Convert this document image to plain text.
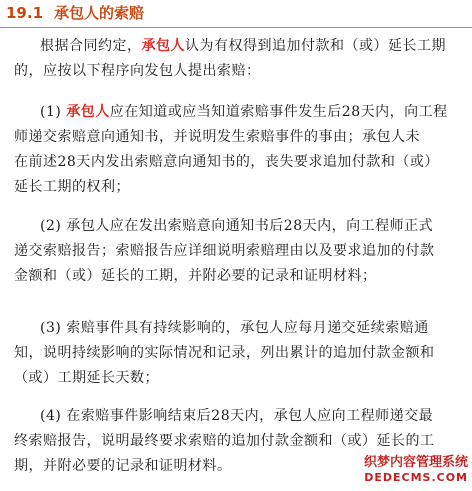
19.1 承包人的索赔
根据合同约定，承包人认为有权得到追加付款和（或）延长工期
的，应按以下程序向发包人提出索赔：
(1) 承包人应在知道或应当知道索赔事件发生后28天内，向工程
师递交索赔意向通知书，并说明发生索赔事件的事由；承包人未
在前述28天内发出索赔意向通知书的，丧失要求追加付款和（或）
延长工期的权利；
(2) 承包人应在发出索赔意向通知书后28天内，向工程师正式
递交索赔报告；索赔报告应详细说明索赔理由以及要求追加的付款
金额和（或）延长的工期，并附必要的记录和证明材料；
(3) 索赔事件具有持续影响的，承包人应每月递交延续索赔通
知，说明持续影响的实际情况和记录，列出累计的追加付款金额和
（或）工期延长天数；
(4) 在索赔事件影响结束后28天内，承包人应向工程师递交最
终索赔报告，说明最终要求索赔的追加付款金额和（或）延长的工
期，并附必要的记录和证明材料。	织梦内容管理系统
DEDECMS.COM
